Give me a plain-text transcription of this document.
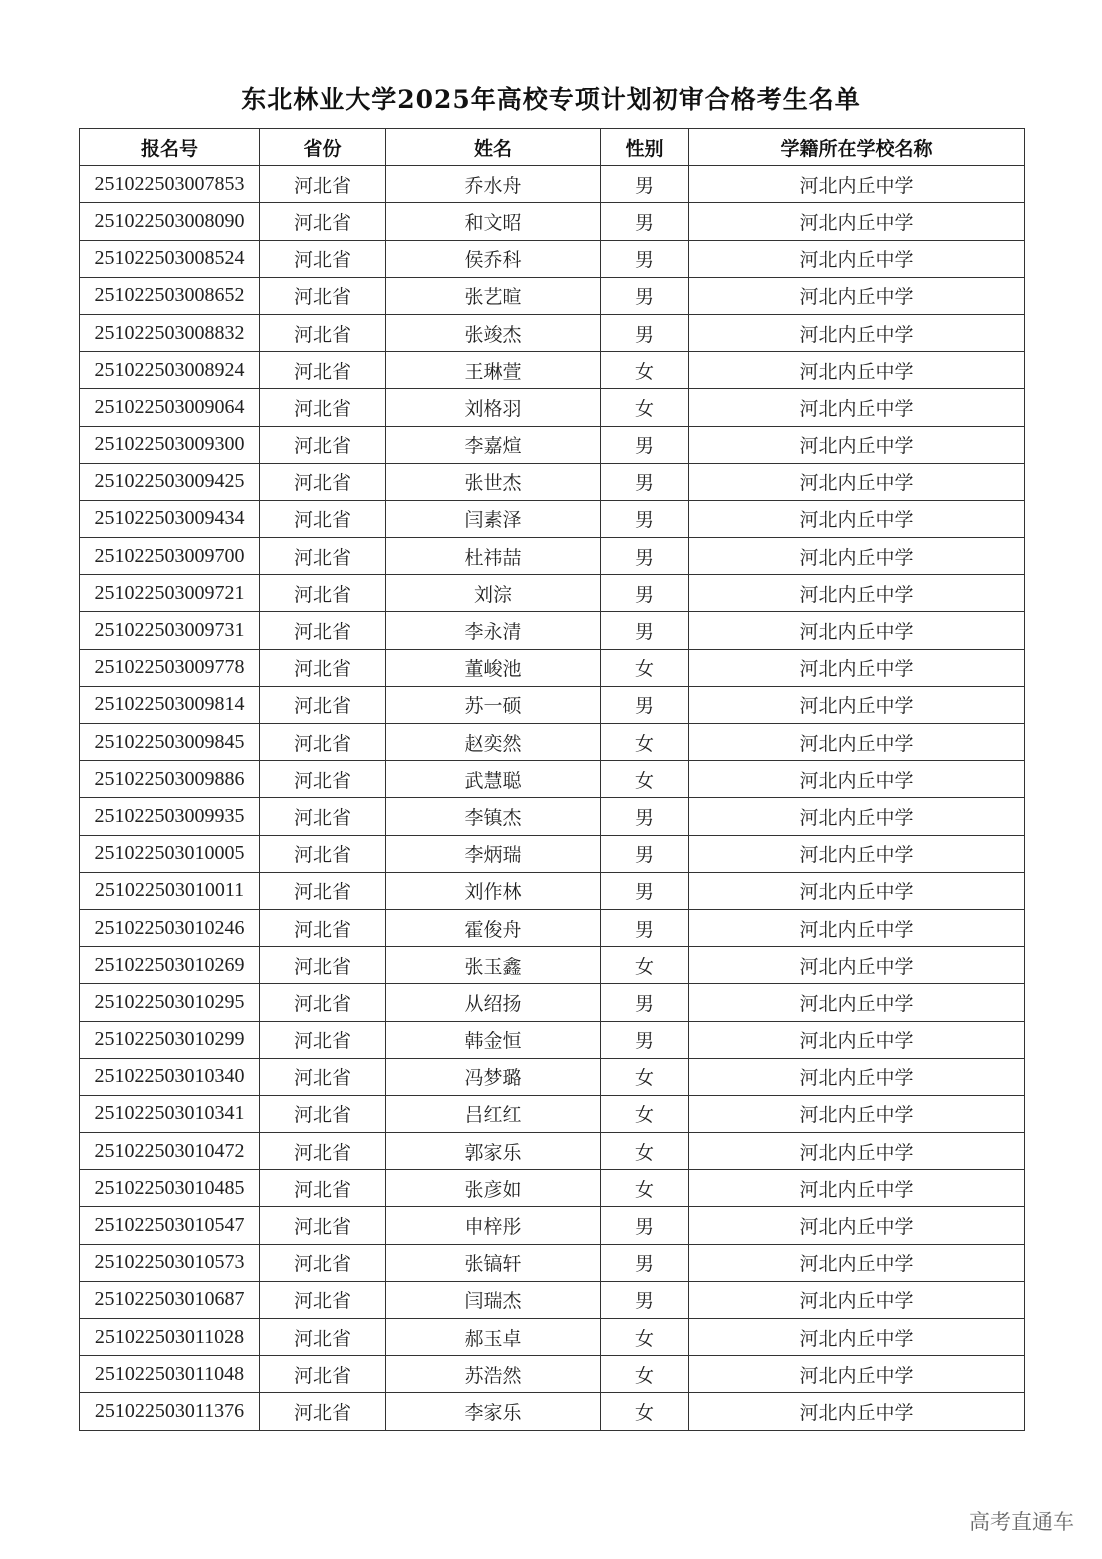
东北林业大学2025年高校专项计划初审合格考生名单
报名号	省份	姓名	性别	学籍所在学校名称
251022503007853	河北省	乔水舟	男	河北内丘中学
251022503008090	河北省	和文昭	男	河北内丘中学
251022503008524	河北省	侯乔科	男	河北内丘中学
251022503008652	河北省	张艺暄	男	河北内丘中学
251022503008832	河北省	张竣杰	男	河北内丘中学
251022503008924	河北省	王琳萱	女	河北内丘中学
251022503009064	河北省	刘格羽	女	河北内丘中学
251022503009300	河北省	李嘉煊	男	河北内丘中学
251022503009425	河北省	张世杰	男	河北内丘中学
251022503009434	河北省	闫素泽	男	河北内丘中学
251022503009700	河北省	杜祎喆	男	河北内丘中学
251022503009721	河北省	刘淙	男	河北内丘中学
251022503009731	河北省	李永清	男	河北内丘中学
251022503009778	河北省	董峻池	女	河北内丘中学
251022503009814	河北省	苏一硕	男	河北内丘中学
251022503009845	河北省	赵奕然	女	河北内丘中学
251022503009886	河北省	武慧聪	女	河北内丘中学
251022503009935	河北省	李镇杰	男	河北内丘中学
251022503010005	河北省	李炳瑞	男	河北内丘中学
251022503010011	河北省	刘作林	男	河北内丘中学
251022503010246	河北省	霍俊舟	男	河北内丘中学
251022503010269	河北省	张玉鑫	女	河北内丘中学
251022503010295	河北省	从绍扬	男	河北内丘中学
251022503010299	河北省	韩金恒	男	河北内丘中学
251022503010340	河北省	冯梦璐	女	河北内丘中学
251022503010341	河北省	吕红红	女	河北内丘中学
251022503010472	河北省	郭家乐	女	河北内丘中学
251022503010485	河北省	张彦如	女	河北内丘中学
251022503010547	河北省	申梓彤	男	河北内丘中学
251022503010573	河北省	张镐轩	男	河北内丘中学
251022503010687	河北省	闫瑞杰	男	河北内丘中学
251022503011028	河北省	郝玉卓	女	河北内丘中学
251022503011048	河北省	苏浩然	女	河北内丘中学
251022503011376	河北省	李家乐	女	河北内丘中学
高考直通车
